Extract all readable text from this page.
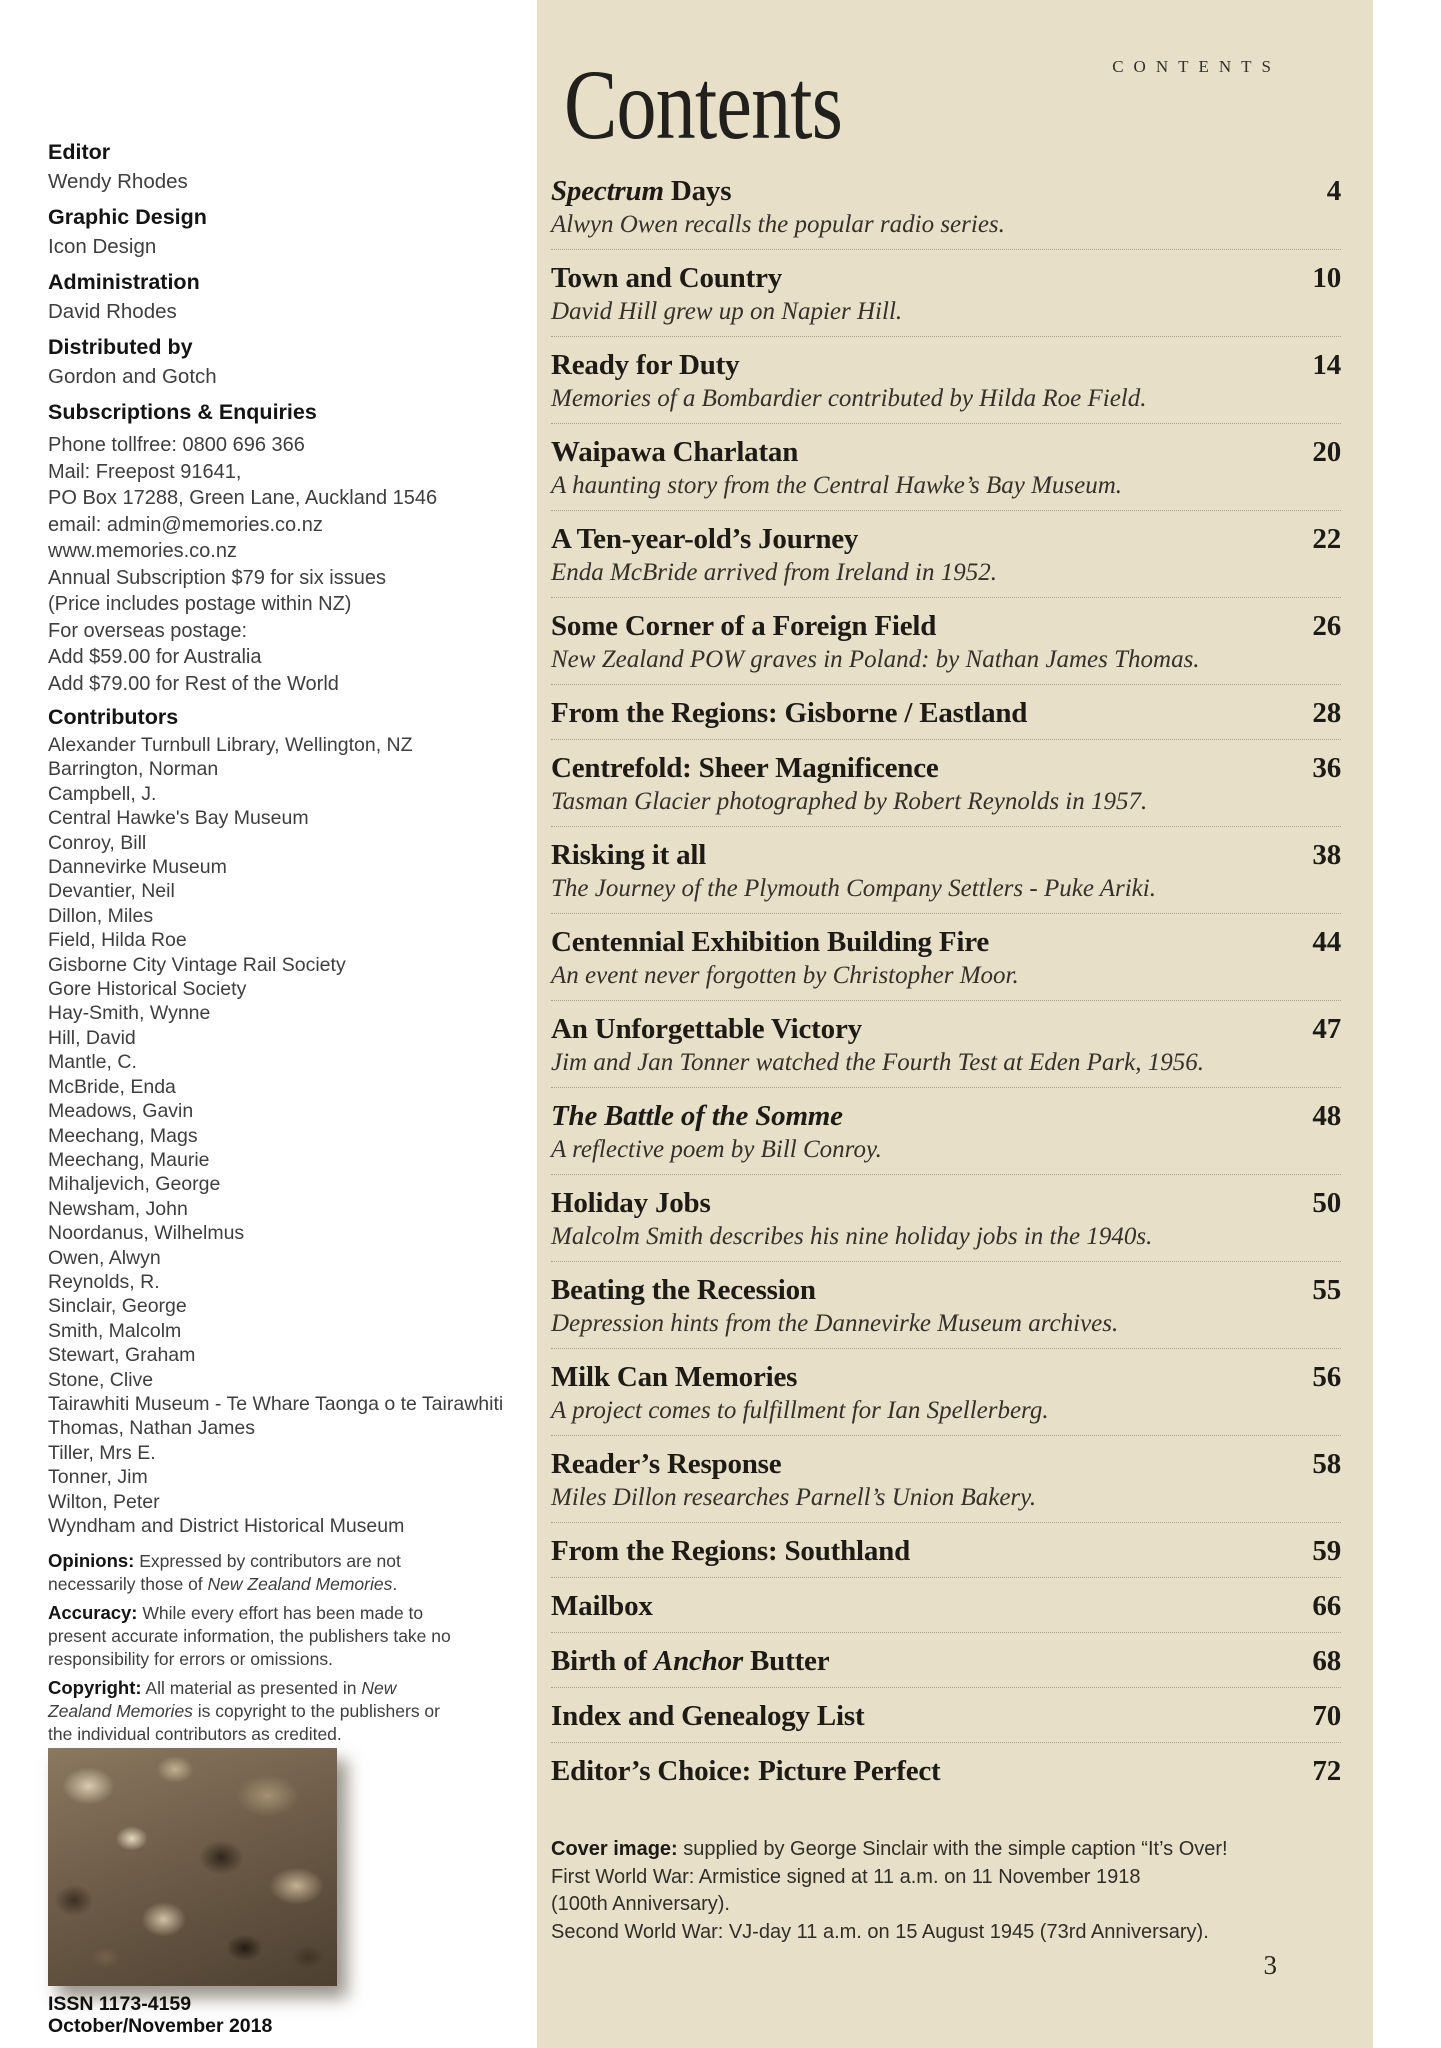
Editor
Wendy Rhodes
Graphic Design
Icon Design
Administration
David Rhodes
Distributed by
Gordon and Gotch
Subscriptions & Enquiries
Phone tollfree: 0800 696 366
Mail: Freepost 91641,
PO Box 17288, Green Lane, Auckland 1546
email: admin@memories.co.nz
www.memories.co.nz
Annual Subscription $79 for six issues
(Price includes postage within NZ)
For overseas postage:
Add $59.00 for Australia
Add $79.00 for Rest of the World
Contributors
Alexander Turnbull Library, Wellington, NZ
Barrington, Norman
Campbell, J.
Central Hawke's Bay Museum
Conroy, Bill
Dannevirke Museum
Devantier, Neil
Dillon, Miles
Field, Hilda Roe
Gisborne City Vintage Rail Society
Gore Historical Society
Hay-Smith, Wynne
Hill, David
Mantle, C.
McBride, Enda
Meadows, Gavin
Meechang, Mags
Meechang, Maurie
Mihaljevich, George
Newsham, John
Noordanus, Wilhelmus
Owen, Alwyn
Reynolds, R.
Sinclair, George
Smith, Malcolm
Stewart, Graham
Stone, Clive
Tairawhiti Museum - Te Whare Taonga o te Tairawhiti
Thomas, Nathan James
Tiller, Mrs E.
Tonner, Jim
Wilton, Peter
Wyndham and District Historical Museum

Opinions: Expressed by contributors are not necessarily those of New Zealand Memories.

Accuracy: While every effort has been made to present accurate information, the publishers take no responsibility for errors or omissions.

Copyright: All material as presented in New Zealand Memories is copyright to the publishers or the individual contributors as credited.

ISSN 1173-4159
October/November 2018
CONTENTS
Contents
Spectrum Days	4
Alwyn Owen recalls the popular radio series.
Town and Country	10
David Hill grew up on Napier Hill.
Ready for Duty	14
Memories of a Bombardier contributed by Hilda Roe Field.
Waipawa Charlatan	20
A haunting story from the Central Hawke’s Bay Museum.
A Ten-year-old’s Journey	22
Enda McBride arrived from Ireland in 1952.
Some Corner of a Foreign Field	26
New Zealand POW graves in Poland: by Nathan James Thomas.
From the Regions: Gisborne / Eastland	28
Centrefold: Sheer Magnificence	36
Tasman Glacier photographed by Robert Reynolds in 1957.
Risking it all	38
The Journey of the Plymouth Company Settlers - Puke Ariki.
Centennial Exhibition Building Fire	44
An event never forgotten by Christopher Moor.
An Unforgettable Victory	47
Jim and Jan Tonner watched the Fourth Test at Eden Park, 1956.
The Battle of the Somme	48
A reflective poem by Bill Conroy.
Holiday Jobs	50
Malcolm Smith describes his nine holiday jobs in the 1940s.
Beating the Recession	55
Depression hints from the Dannevirke Museum archives.
Milk Can Memories	56
A project comes to fulfillment for Ian Spellerberg.
Reader’s Response	58
Miles Dillon researches Parnell’s Union Bakery.
From the Regions: Southland	59
Mailbox	66
Birth of Anchor Butter	68
Index and Genealogy List	70
Editor’s Choice: Picture Perfect	72
Cover image: supplied by George Sinclair with the simple caption “It’s Over!
First World War: Armistice signed at 11 a.m. on 11 November 1918
(100th Anniversary).
Second World War: VJ-day 11 a.m. on 15 August 1945 (73rd Anniversary).
3
